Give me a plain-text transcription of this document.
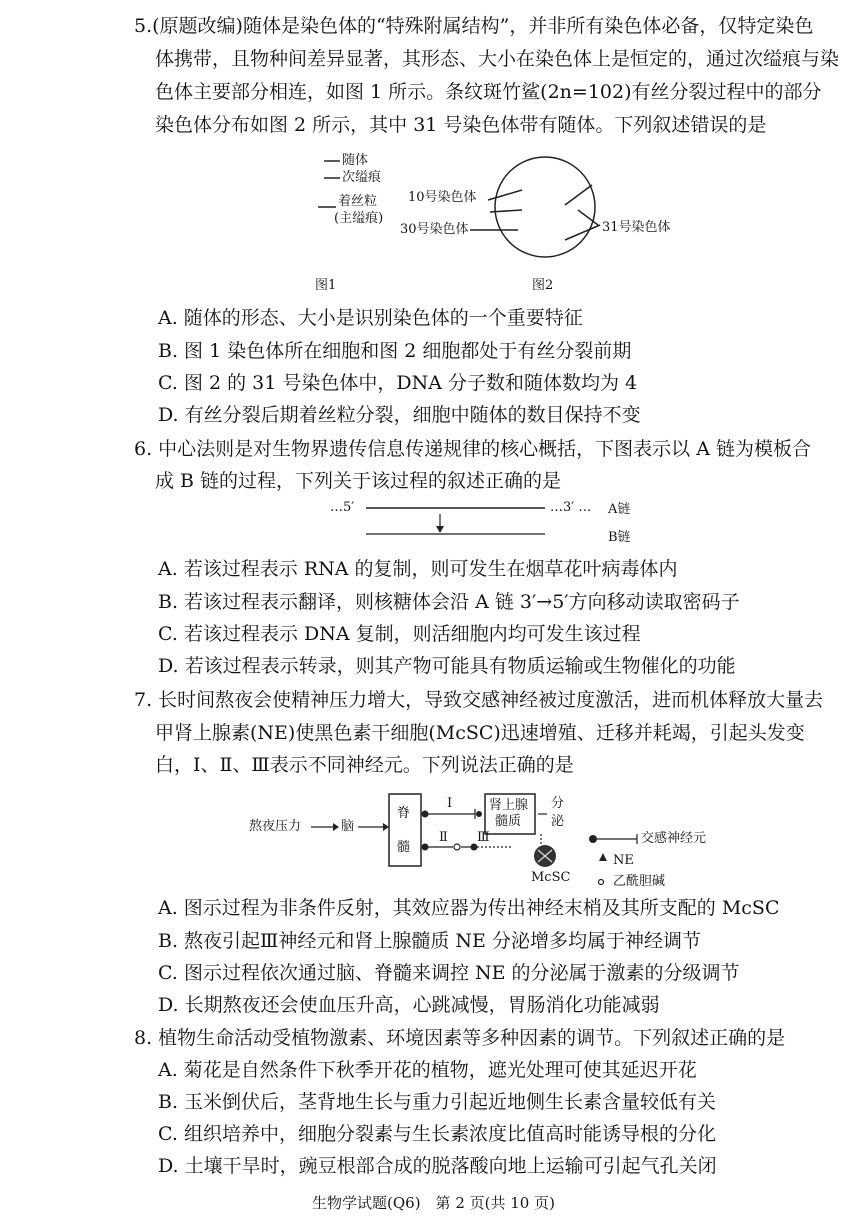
5.(原题改编)随体是染色体的“特殊附属结构”，并非所有染色体必备，仅特定染色
体携带，且物种间差异显著，其形态、大小在染色体上是恒定的，通过次缢痕与染
色体主要部分相连，如图 1 所示。条纹斑竹鲨(2n=102)有丝分裂过程中的部分
染色体分布如图 2 所示，其中 31 号染色体带有随体。下列叙述错误的是
随体
次缢痕
着丝粒
(主缢痕)
10号染色体
30号染色体	31号染色体
图1	图2
A. 随体的形态、大小是识别染色体的一个重要特征
B. 图 1 染色体所在细胞和图 2 细胞都处于有丝分裂前期
C. 图 2 的 31 号染色体中，DNA 分子数和随体数均为 4
D. 有丝分裂后期着丝粒分裂，细胞中随体的数目保持不变
6. 中心法则是对生物界遗传信息传递规律的核心概括，下图表示以 A 链为模板合
成 B 链的过程，下列关于该过程的叙述正确的是
…5′	…3′ … A链
B链
A. 若该过程表示 RNA 的复制，则可发生在烟草花叶病毒体内
B. 若该过程表示翻译，则核糖体会沿 A 链 3′→5′方向移动读取密码子
C. 若该过程表示 DNA 复制，则活细胞内均可发生该过程
D. 若该过程表示转录，则其产物可能具有物质运输或生物催化的功能
7. 长时间熬夜会使精神压力增大，导致交感神经被过度激活，进而机体释放大量去
甲肾上腺素(NE)使黑色素干细胞(McSC)迅速增殖、迁移并耗竭，引起头发变
白，Ⅰ、Ⅱ、Ⅲ表示不同神经元。下列说法正确的是
熬夜压力	脑
脊
髓
Ⅰ
Ⅱ Ⅲ
肾上腺
髓质
分
泌
McSC
交感神经元
NE
乙酰胆碱
A. 图示过程为非条件反射，其效应器为传出神经末梢及其所支配的 McSC
B. 熬夜引起Ⅲ神经元和肾上腺髓质 NE 分泌增多均属于神经调节
C. 图示过程依次通过脑、脊髓来调控 NE 的分泌属于激素的分级调节
D. 长期熬夜还会使血压升高，心跳减慢，胃肠消化功能减弱
8. 植物生命活动受植物激素、环境因素等多种因素的调节。下列叙述正确的是
A. 菊花是自然条件下秋季开花的植物，遮光处理可使其延迟开花
B. 玉米倒伏后，茎背地生长与重力引起近地侧生长素含量较低有关
C. 组织培养中，细胞分裂素与生长素浓度比值高时能诱导根的分化
D. 土壤干旱时，豌豆根部合成的脱落酸向地上运输可引起气孔关闭
生物学试题(Q6)　第 2 页(共 10 页)
